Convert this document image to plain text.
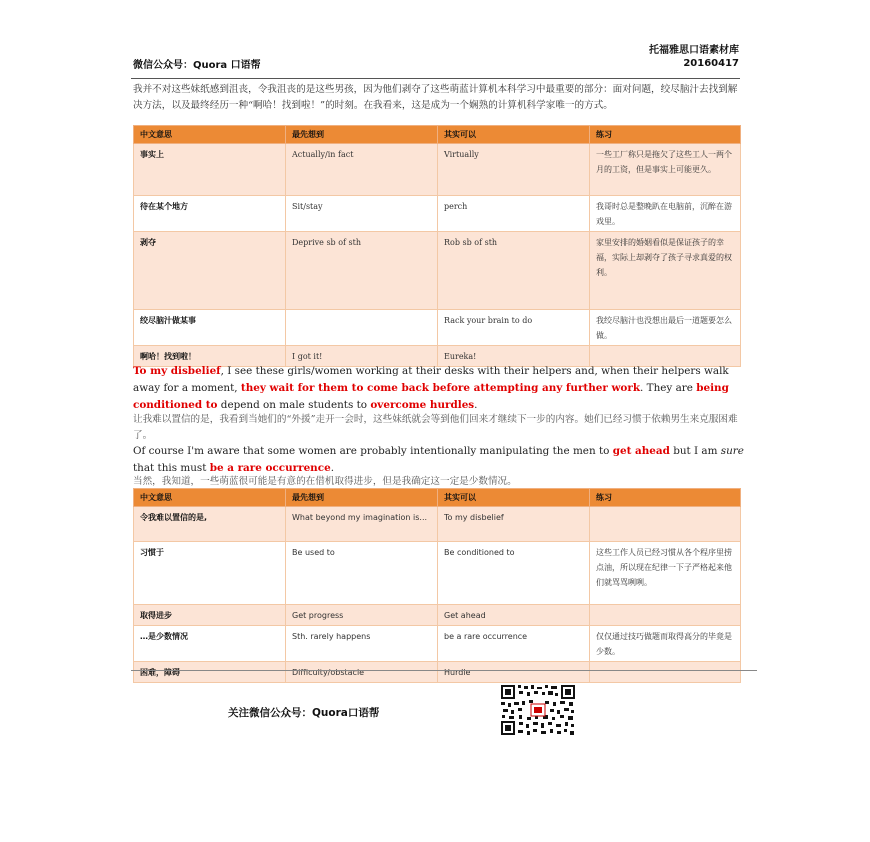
微信公众号：Quora 口语帮
托福雅思口语素材库
20160417
我并不对这些妹纸感到沮丧，令我沮丧的是这些男孩，因为他们剥夺了这些萌蓝计算机本科学习中最重要的部分：面对问题，绞尽脑汁去找到解决方法，以及最终经历一种“啊哈！找到啦！”的时刻。在我看来，这是成为一个娴熟的计算机科学家唯一的方式。
中文意思	最先想到	其实可以	练习
事实上	Actually/in fact	Virtually	一些工厂称只是拖欠了这些工人一两个月的工资，但是事实上可能更久。
待在某个地方	Sit/stay	perch	我哥时总是整晚趴在电脑前，沉醉在游戏里。
剥夺	Deprive sb of sth	Rob sb of sth	家里安排的婚姻看似是保证孩子的幸福，实际上却剥夺了孩子寻求真爱的权利。
绞尽脑汁做某事		Rack your brain to do	我绞尽脑汁也没想出最后一道题要怎么做。
啊哈！找到啦！	I got it!	Eureka!	
To my disbelief, I see these girls/women working at their desks with their helpers and, when their helpers walk away for a moment, they wait for them to come back before attempting any further work. They are being conditioned to depend on male students to overcome hurdles.
让我难以置信的是，我看到当她们的“外援”走开一会时，这些妹纸就会等到他们回来才继续下一步的内容。她们已经习惯于依赖男生来克服困难了。
Of course I'm aware that some women are probably intentionally manipulating the men to get ahead but I am sure that this must be a rare occurrence.
当然，我知道，一些萌蓝很可能是有意的在借机取得进步，但是我确定这一定是少数情况。
中文意思	最先想到	其实可以	练习
令我难以置信的是,	What beyond my imagination is...	To my disbelief	
习惯于	Be used to	Be conditioned to	这些工作人员已经习惯从各个程序里捞点油，所以现在纪律一下子严格起来他们就骂骂咧咧。
取得进步	Get progress	Get ahead	
…是少数情况	Sth. rarely happens	be a rare occurrence	仅仅通过技巧做题而取得高分的毕竟是少数。
困难，障碍	Difficulty/obstacle	Hurdle	
关注微信公众号：Quora口语帮
